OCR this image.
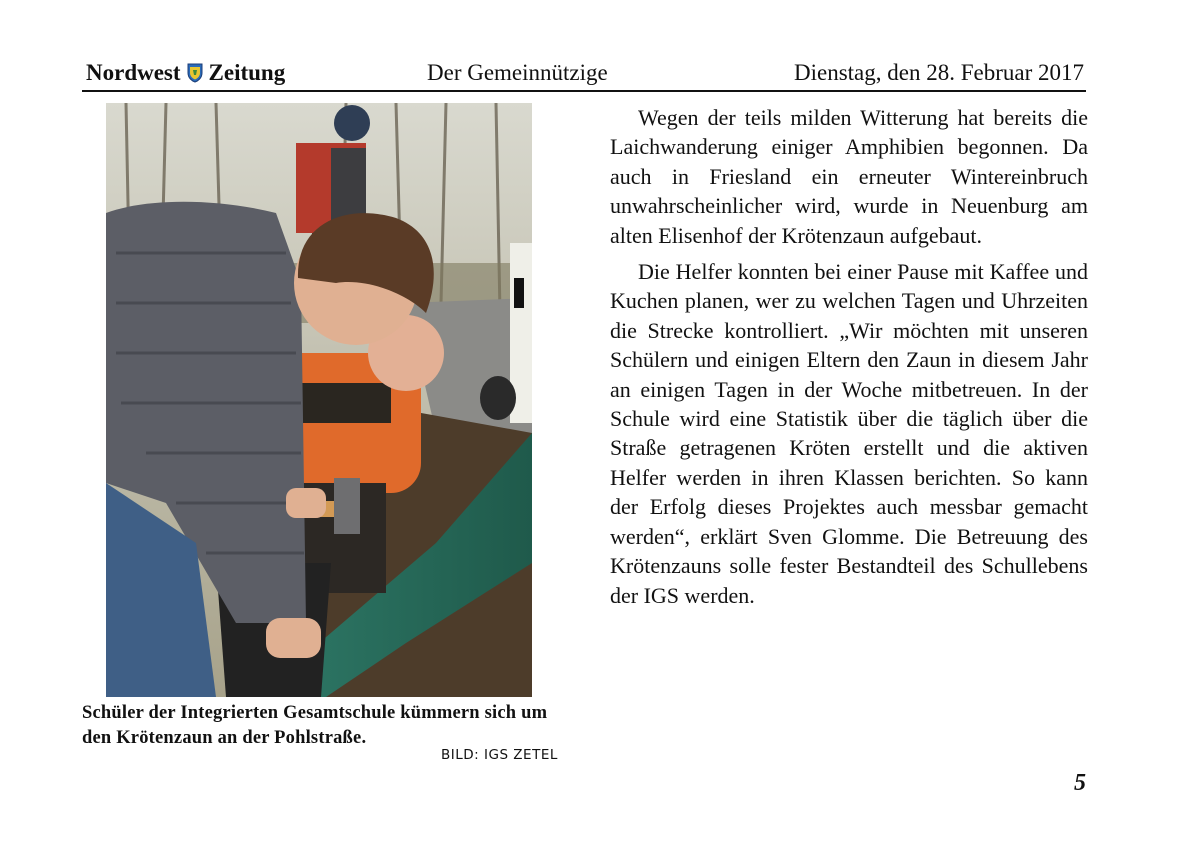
Nordwest Zeitung	Der Gemeinnützige	Dienstag, den 28. Februar 2017
Schüler der Integrierten Gesamtschule kümmern sich um den Krötenzaun an der Pohlstraße.
BILD: IGS ZETEL

Wegen der teils milden Witterung hat bereits die Laichwanderung einiger Amphibien begonnen. Da auch in Friesland ein erneuter Wintereinbruch unwahrscheinlicher wird, wurde in Neuenburg am alten Elisenhof der Krötenzaun aufgebaut.

Die Helfer konnten bei einer Pause mit Kaffee und Kuchen planen, wer zu welchen Tagen und Uhrzeiten die Strecke kontrolliert. „Wir möchten mit unseren Schülern und einigen Eltern den Zaun in diesem Jahr an einigen Tagen in der Woche mitbetreuen. In der Schule wird eine Statistik über die täglich über die Straße getragenen Kröten erstellt und die aktiven Helfer werden in ihren Klassen berichten. So kann der Erfolg dieses Projektes auch messbar gemacht werden“, erklärt Sven Glomme. Die Betreuung des Krötenzauns solle fester Bestandteil des Schullebens der IGS werden.

5
